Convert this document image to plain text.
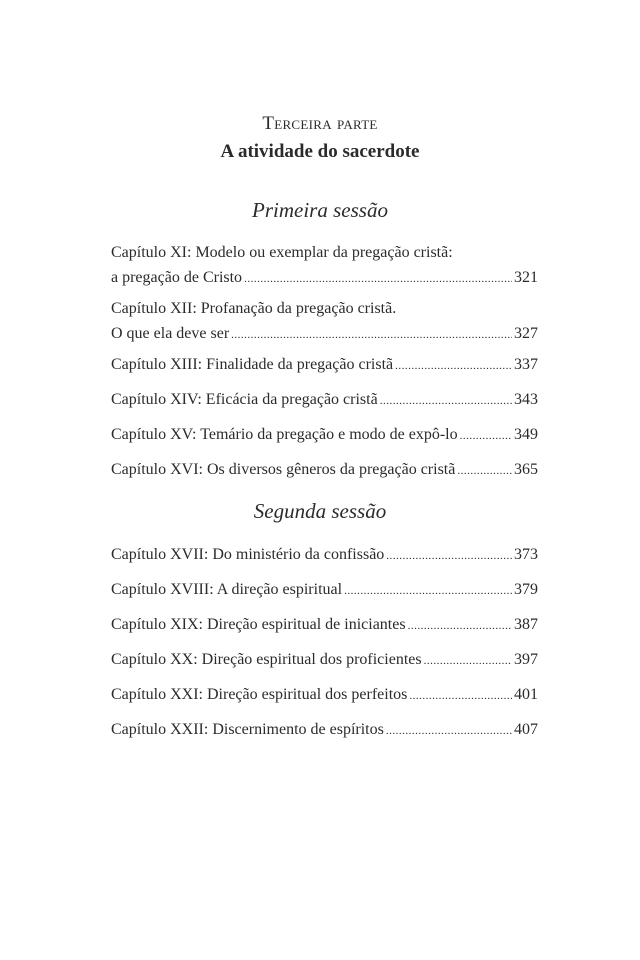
Terceira parte
A atividade do sacerdote
Primeira sessão
Capítulo XI: Modelo ou exemplar da pregação cristã:
a pregação de Cristo .....	321
Capítulo XII: Profanação da pregação cristã.
O que ela deve ser .....	327
Capítulo XIII: Finalidade da pregação cristã .....	337
Capítulo XIV: Eficácia da pregação cristã .....	343
Capítulo XV: Temário da pregação e modo de expô-lo .....	349
Capítulo XVI: Os diversos gêneros da pregação cristã .....	365
Segunda sessão
Capítulo XVII: Do ministério da confissão .....	373
Capítulo XVIII: A direção espiritual .....	379
Capítulo XIX: Direção espiritual de iniciantes .....	387
Capítulo XX: Direção espiritual dos proficientes .....	397
Capítulo XXI: Direção espiritual dos perfeitos .....	401
Capítulo XXII: Discernimento de espíritos .....	407
